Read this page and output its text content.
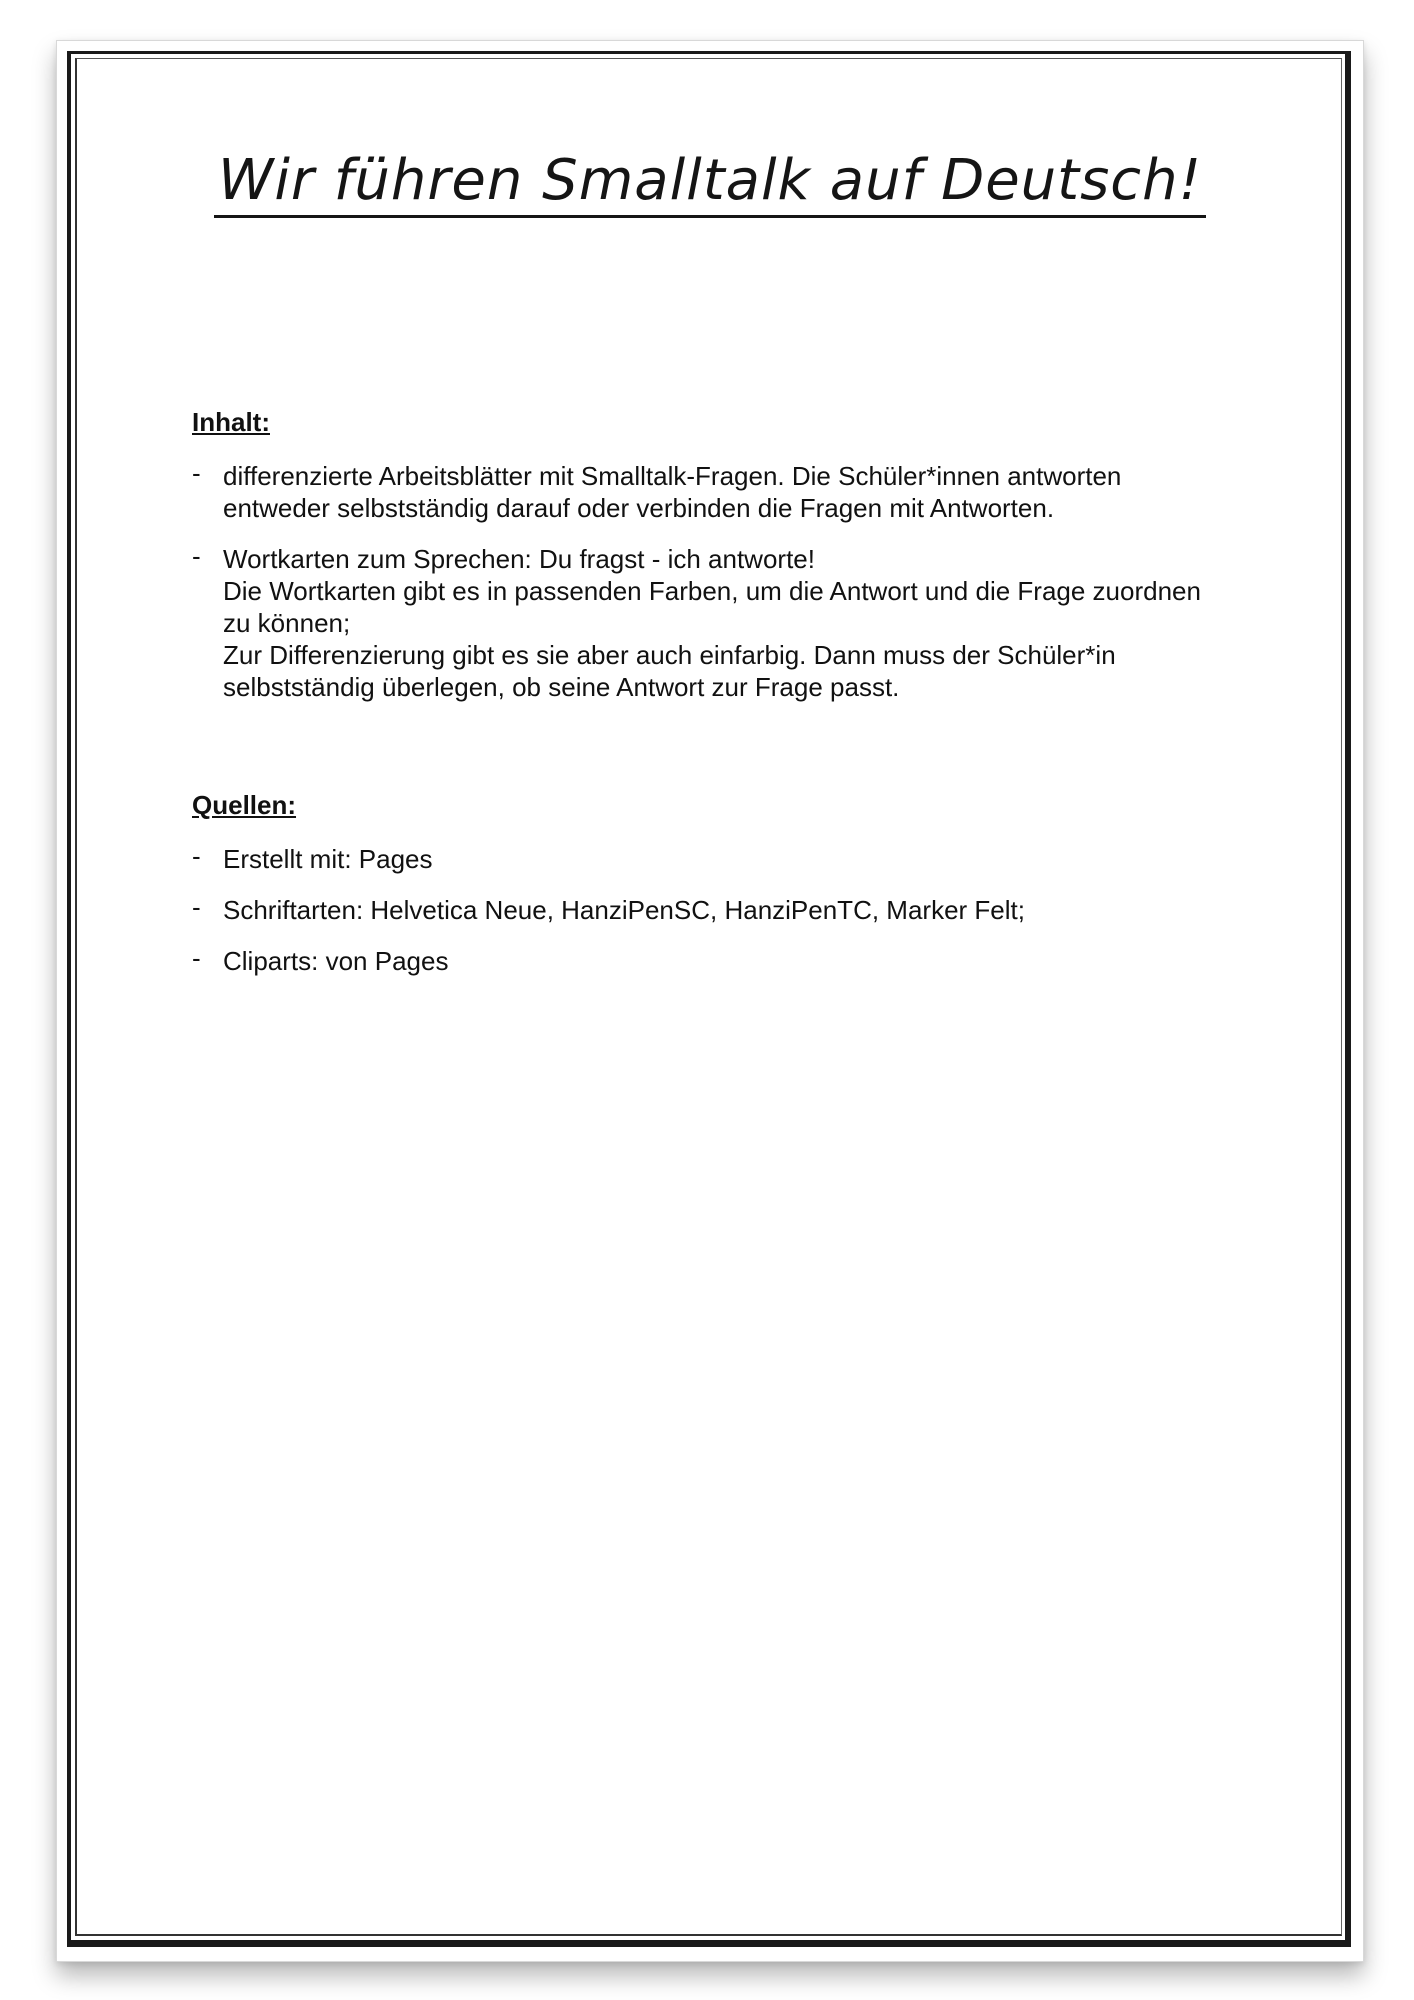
Wir führen Smalltalk auf Deutsch!
Inhalt:
- differenzierte Arbeitsblätter mit Smalltalk-Fragen. Die Schüler*innen antworten
entweder selbstständig darauf oder verbinden die Fragen mit Antworten.
- Wortkarten zum Sprechen: Du fragst - ich antworte!
Die Wortkarten gibt es in passenden Farben, um die Antwort und die Frage zuordnen
zu können;
Zur Differenzierung gibt es sie aber auch einfarbig. Dann muss der Schüler*in
selbstständig überlegen, ob seine Antwort zur Frage passt.
Quellen:
- Erstellt mit: Pages
- Schriftarten: Helvetica Neue, HanziPenSC, HanziPenTC, Marker Felt;
- Cliparts: von Pages
